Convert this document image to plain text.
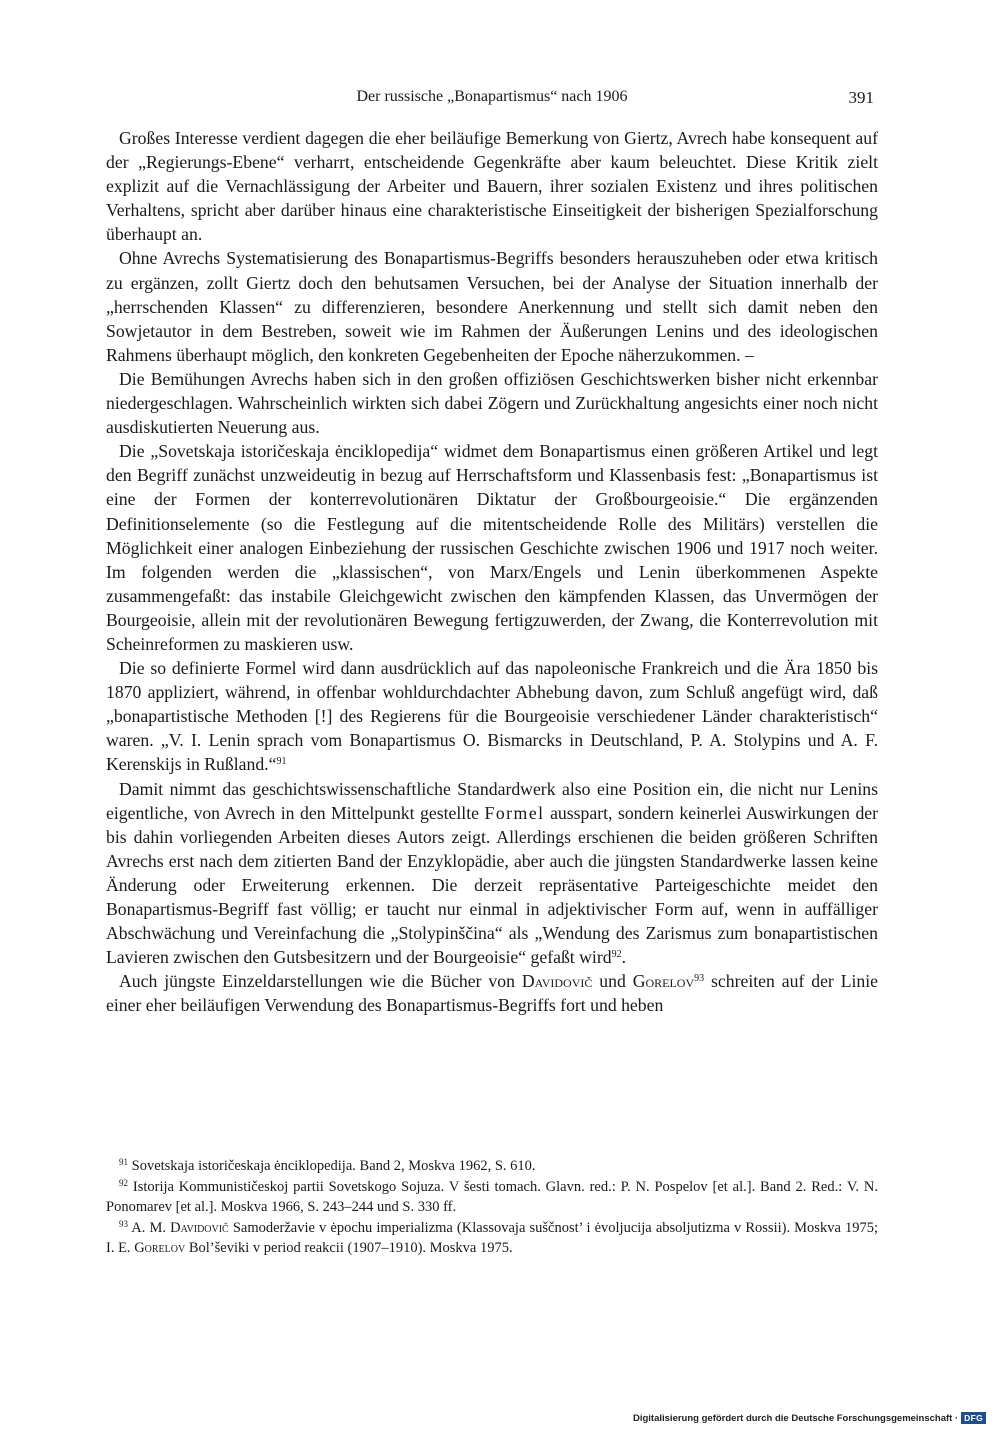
Der russische „Bonapartismus“ nach 1906	391

Großes Interesse verdient dagegen die eher beiläufige Bemerkung von Giertz, Avrech habe konsequent auf der „Regierungs-Ebene“ verharrt, entscheidende Gegenkräfte aber kaum beleuchtet. Diese Kritik zielt explizit auf die Vernachlässigung der Arbeiter und Bauern, ihrer sozialen Existenz und ihres politischen Verhaltens, spricht aber darüber hinaus eine charakteristische Einseitigkeit der bisherigen Spezialforschung überhaupt an.

Ohne Avrechs Systematisierung des Bonapartismus-Begriffs besonders herauszuheben oder etwa kritisch zu ergänzen, zollt Giertz doch den behutsamen Versuchen, bei der Analyse der Situation innerhalb der „herrschenden Klassen“ zu differenzieren, besondere Anerkennung und stellt sich damit neben den Sowjetautor in dem Bestreben, soweit wie im Rahmen der Äußerungen Lenins und des ideologischen Rahmens überhaupt möglich, den konkreten Gegebenheiten der Epoche näherzukommen. –

Die Bemühungen Avrechs haben sich in den großen offiziösen Geschichtswerken bisher nicht erkennbar niedergeschlagen. Wahrscheinlich wirkten sich dabei Zögern und Zurückhaltung angesichts einer noch nicht ausdiskutierten Neuerung aus.

Die „Sovetskaja istoričeskaja ėnciklopedija“ widmet dem Bonapartismus einen größeren Artikel und legt den Begriff zunächst unzweideutig in bezug auf Herrschaftsform und Klassenbasis fest: „Bonapartismus ist eine der Formen der konterrevolutionären Diktatur der Großbourgeoisie.“ Die ergänzenden Definitionselemente (so die Festlegung auf die mitentscheidende Rolle des Militärs) verstellen die Möglichkeit einer analogen Einbeziehung der russischen Geschichte zwischen 1906 und 1917 noch weiter. Im folgenden werden die „klassischen“, von Marx/Engels und Lenin überkommenen Aspekte zusammengefaßt: das instabile Gleichgewicht zwischen den kämpfenden Klassen, das Unvermögen der Bourgeoisie, allein mit der revolutionären Bewegung fertigzuwerden, der Zwang, die Konterrevolution mit Scheinreformen zu maskieren usw.

Die so definierte Formel wird dann ausdrücklich auf das napoleonische Frankreich und die Ära 1850 bis 1870 appliziert, während, in offenbar wohldurchdachter Abhebung davon, zum Schluß angefügt wird, daß „bonapartistische Methoden [!] des Regierens für die Bourgeoisie verschiedener Länder charakteristisch“ waren. „V. I. Lenin sprach vom Bonapartismus O. Bismarcks in Deutschland, P. A. Stolypins und A. F. Kerenskijs in Rußland.“$^{91}$

Damit nimmt das geschichtswissenschaftliche Standardwerk also eine Position ein, die nicht nur Lenins eigentliche, von Avrech in den Mittelpunkt gestellte Formel ausspart, sondern keinerlei Auswirkungen der bis dahin vorliegenden Arbeiten dieses Autors zeigt. Allerdings erschienen die beiden größeren Schriften Avrechs erst nach dem zitierten Band der Enzyklopädie, aber auch die jüngsten Standardwerke lassen keine Änderung oder Erweiterung erkennen. Die derzeit repräsentative Parteigeschichte meidet den Bonapartismus-Begriff fast völlig; er taucht nur einmal in adjektivischer Form auf, wenn in auffälliger Abschwächung und Vereinfachung die „Stolypinščina“ als „Wendung des Zarismus zum bonapartistischen Lavieren zwischen den Gutsbesitzern und der Bourgeoisie“ gefaßt wird$^{92}$.

Auch jüngste Einzeldarstellungen wie die Bücher von Davidovič und Gorelov$^{93}$ schreiten auf der Linie einer eher beiläufigen Verwendung des Bonapartismus-Begriffs fort und heben

$^{91}$ Sovetskaja istoričeskaja ėnciklopedija. Band 2, Moskva 1962, S. 610.

$^{92}$ Istorija Kommunističeskoj partii Sovetskogo Sojuza. V šesti tomach. Glavn. red.: P. N. Pospelov [et al.]. Band 2. Red.: V. N. Ponomarev [et al.]. Moskva 1966, S. 243–244 und S. 330 ff.

$^{93}$ A. M. Davidovič Samoderžavie v ėpochu imperializma (Klassovaja suščnost’ i ėvoljucija absoljutizma v Rossii). Moskva 1975; I. E. Gorelov Bol’ševiki v period reakcii (1907–1910). Moskva 1975.

Digitalisierung gefördert durch die Deutsche Forschungsgemeinschaft · DFG
